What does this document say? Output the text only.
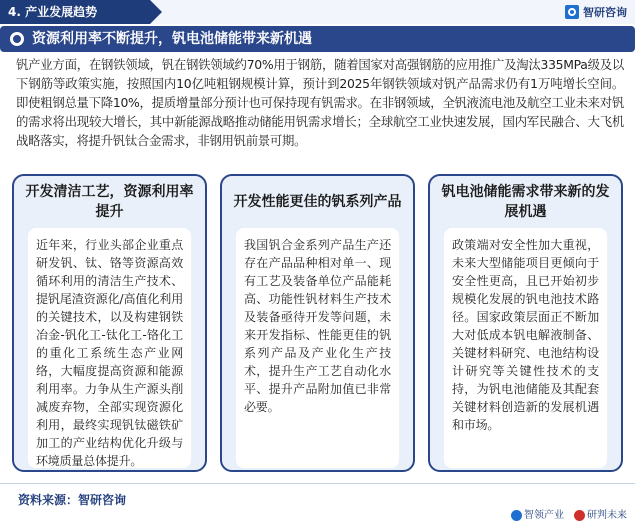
4. 产业发展趋势	智研咨询
资源利用率不断提升，钒电池储能带来新机遇
钒产业方面，在钢铁领域，钒在钢铁领域约70%用于钢筋，随着国家对高强钢筋的应用推广及淘汰335MPa级及以下钢筋等政策实施，按照国内10亿吨粗钢规模计算，预计到2025年钢铁领域对钒产品需求仍有1万吨增长空间。即使粗钢总量下降10%，提质增量部分预计也可保持现有钒需求。在非钢领域，全钒液流电池及航空工业未来对钒的需求将出现较大增长，其中新能源战略推动储能用钒需求增长；全球航空工业快速发展，国内军民融合、大飞机战略落实，将提升钒钛合金需求，非钢用钒前景可期。
开发清洁工艺，资源利用率提升
近年来，行业头部企业重点研发钒、钛、铬等资源高效循环利用的清洁生产技术、提钒尾渣资源化/高值化利用的关键技术，以及构建钢铁冶金-钒化工-钛化工-铬化工的重化工系统生态产业网络，大幅度提高资源和能源利用率。力争从生产源头削减废弃物，全部实现资源化利用，最终实现钒钛磁铁矿加工的产业结构优化升级与环境质量总体提升。
开发性能更佳的钒系列产品
我国钒合金系列产品生产还存在产品品种相对单一、现有工艺及装备单位产品能耗高、功能性钒材料生产技术及装备亟待开发等问题，未来开发指标、性能更佳的钒系列产品及产业化生产技术，提升生产工艺自动化水平、提升产品附加值已非常必要。
钒电池储能需求带来新的发展机遇
政策端对安全性加大重视，未来大型储能项目更倾向于安全性更高，且已开始初步规模化发展的钒电池技术路径。国家政策层面正不断加大对低成本钒电解液制备、关键材料研究、电池结构设计研究等关键性技术的支持，为钒电池储能及其配套关键材料创造新的发展机遇和市场。
资料来源：智研咨询
智领产业	研判未来
